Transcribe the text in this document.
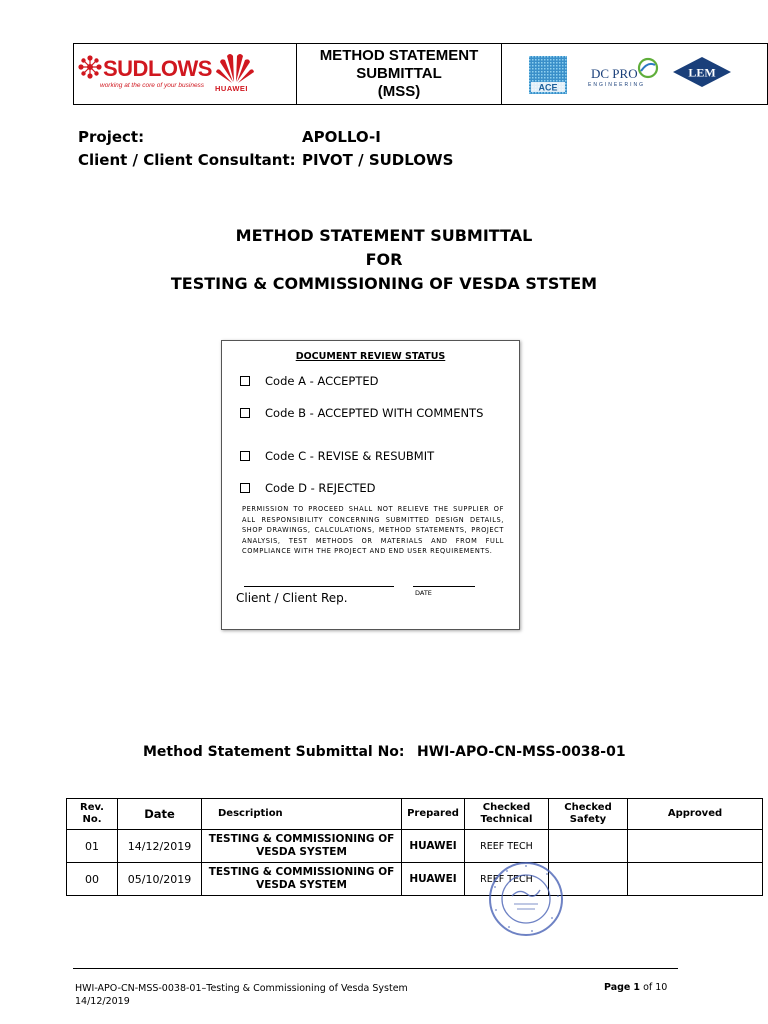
SUDLOWS
working at the core of your business HUAWEI
METHOD STATEMENT
SUBMITTAL
(MSS)	ACE
DC PRO
ENGINEERING
LEM
Project:	APOLLO-I
Client / Client Consultant: PIVOT / SUDLOWS
METHOD STATEMENT SUBMITTAL
FOR
TESTING & COMMISSIONING OF VESDA STSTEM
DOCUMENT REVIEW STATUS
Code A - ACCEPTED
Code B - ACCEPTED WITH COMMENTS
Code C - REVISE & RESUBMIT
Code D - REJECTED
PERMISSION TO PROCEED SHALL NOT RELIEVE THE SUPPLIER OF ALL RESPONSIBILITY CONCERNING SUBMITTED DESIGN DETAILS, SHOP DRAWINGS, CALCULATIONS, METHOD STATEMENTS, PROJECT ANALYSIS, TEST METHODS OR MATERIALS AND FROM FULL COMPLIANCE WITH THE PROJECT AND END USER REQUIREMENTS.
Client / Client Rep.	DATE
Method Statement Submittal No: HWI-APO-CN-MSS-0038-01
Rev. No.	Date	Description	Prepared	Checked Technical	Checked Safety	Approved
01	14/12/2019	TESTING & COMMISSIONING OF VESDA SYSTEM	HUAWEI	REEF TECH		
00	05/10/2019	TESTING & COMMISSIONING OF VESDA SYSTEM	HUAWEI	REEF TECH		
HWI-APO-CN-MSS-0038-01–Testing & Commissioning of Vesda System
14/12/2019
Page 1 of 10
